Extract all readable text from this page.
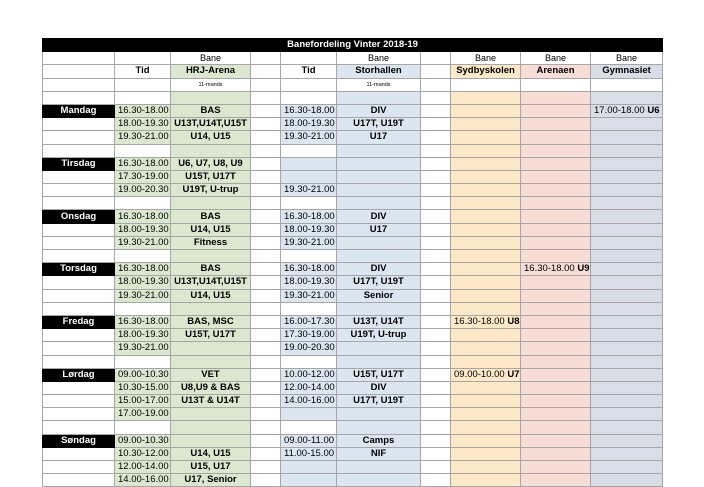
Banefordeling Vinter 2018-19									
		Bane			Bane		Bane	Bane	Bane
	Tid	HRJ-Arena		Tid	Storhallen		Sydbyskolen	Arenaen	Gymnasiet
		11-mands			11-mands				

Mandag	16.30-18.00	BAS		16.30-18.00	DIV				17.00-18.00 U6
	18.00-19.30	U13T,U14T,U15T		18.00-19.30	U17T, U19T				
	19.30-21.00	U14, U15		19.30-21.00	U17				

Tirsdag	16.30-18.00	U6, U7, U8, U9							
	17.30-19.00	U15T, U17T							
	19.00-20.30	U19T, U-trup		19.30-21.00					

Onsdag	16.30-18.00	BAS		16.30-18.00	DIV				
	18.00-19.30	U14, U15		18.00-19.30	U17				
	19.30-21.00	Fitness		19.30-21.00					

Torsdag	16.30-18.00	BAS		16.30-18.00	DIV			16.30-18.00 U9	
	18.00-19.30	U13T,U14T,U15T		18.00-19.30	U17T, U19T				
	19.30-21.00	U14, U15		19.30-21.00	Senior				

Fredag	16.30-18.00	BAS, MSC		16.00-17.30	U13T, U14T		16.30-18.00 U8		
	18.00-19.30	U15T, U17T		17.30-19.00	U19T, U-trup				
	19.30-21.00			19.00-20.30					

Lørdag	09.00-10.30	VET		10.00-12.00	U15T, U17T		09.00-10.00 U7		
	10.30-15.00	U8,U9 & BAS		12.00-14.00	DIV				
	15.00-17.00	U13T & U14T		14.00-16.00	U17T, U19T				
	17.00-19.00								

Søndag	09.00-10.30			09.00-11.00	Camps				
	10.30-12.00	U14, U15		11.00-15.00	NIF				
	12.00-14.00	U15, U17							
	14.00-16.00	U17, Senior							
